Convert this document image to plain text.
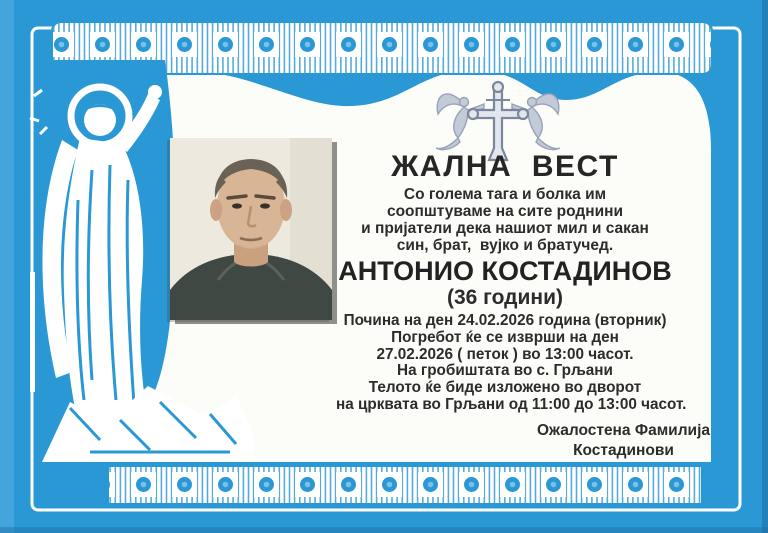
ЖАЛНА  ВЕСТ
Со голема тага и болка им
соопштуваме на сите роднини
и пријатели дека нашиот мил и сакан
син, брат,  вујко и братучед.
АНТОНИО КОСТАДИНОВ
(36 години)
Почина на ден 24.02.2026 година (вторник)
Погребот ќе се изврши на ден
27.02.2026 ( петок ) во 13:00 часот.
На гробиштата во с. Грљани
Телото ќе биде изложено во дворот
на црквата во Грљани од 11:00 до 13:00 часот.
Ожалостена Фамилија
Костадинови
